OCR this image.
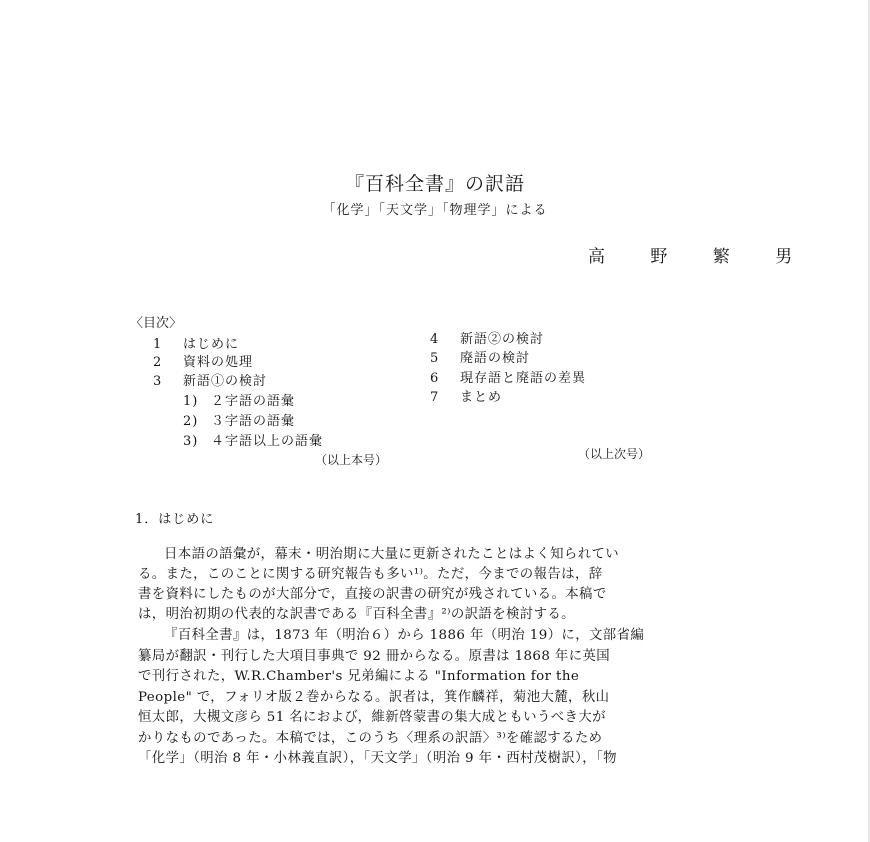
『百科全書』の訳語
「化学」「天文学」「物理学」による
高 野 繁 男
〈目次〉
1 はじめに
2 資料の処理
3 新語①の検討
1) ２字語の語彙
2) ３字語の語彙
3) ４字語以上の語彙
（以上本号）
4 新語②の検討
5 廃語の検討
6 現存語と廃語の差異
7 まとめ
（以上次号）
1．はじめに
日本語の語彙が，幕末・明治期に大量に更新されたことはよく知られてい
る。また，このことに関する研究報告も多い¹⁾。ただ，今までの報告は，辞
書を資料にしたものが大部分で，直接の訳書の研究が残されている。本稿で
は，明治初期の代表的な訳書である『百科全書』²⁾の訳語を検討する。
『百科全書』は，1873 年（明治６）から 1886 年（明治 19）に，文部省編
纂局が翻訳・刊行した大項目事典で 92 冊からなる。原書は 1868 年に英国
で刊行された，W.R.Chamber's 兄弟編による "Information for the
People" で，フォリオ版２巻からなる。訳者は，箕作麟祥，菊池大麓，秋山
恒太郎，大槻文彦ら 51 名におよび，維新啓蒙書の集大成ともいうべき大が
かりなものであった。本稿では，このうち〈理系の訳語〉³⁾を確認するため
「化学」（明治 8 年・小林義直訳），「天文学」（明治 9 年・西村茂樹訳），「物
